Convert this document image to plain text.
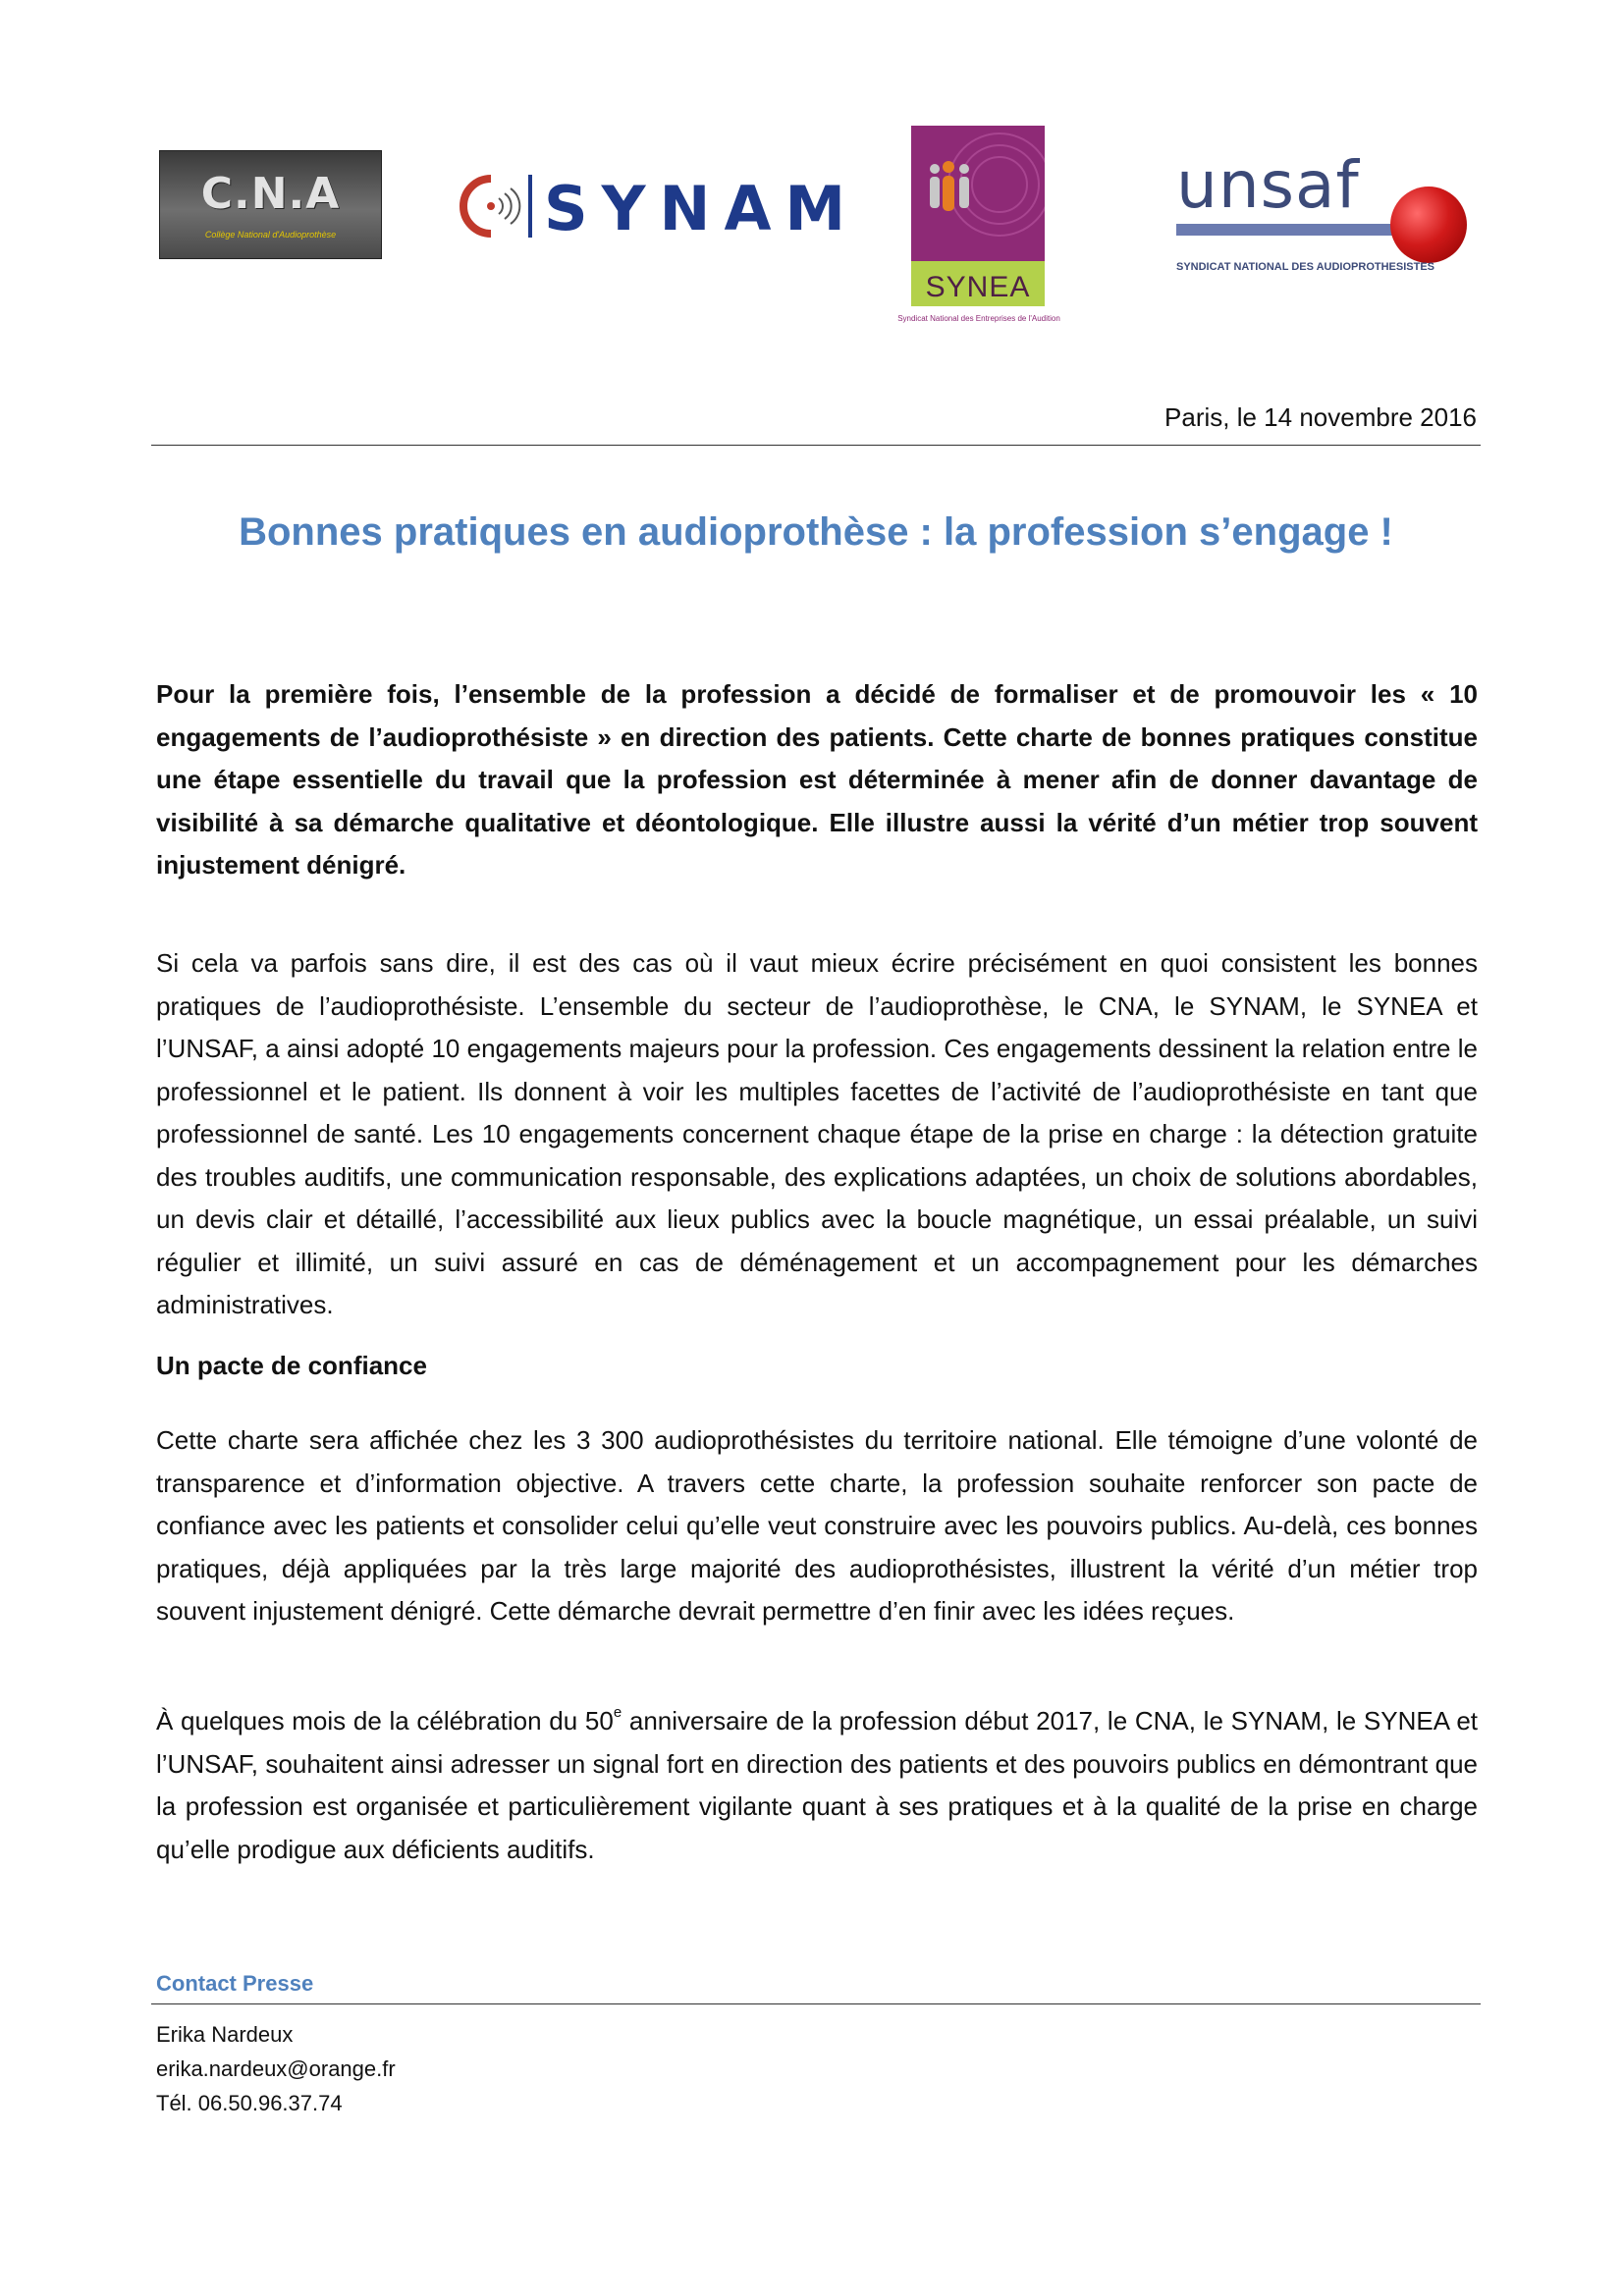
C.N.A
Collège National d'Audioprothèse	SYNAM
SYNEA
Syndicat National des Entreprises de l'Audition
unsaf
SYNDICAT NATIONAL DES AUDIOPROTHESISTES
Paris, le 14 novembre 2016
Bonnes pratiques en audioprothèse : la profession s’engage !
Pour la première fois, l’ensemble de la profession a décidé de formaliser et de promouvoir les « 10 engagements de l’audioprothésiste » en direction des patients. Cette charte de bonnes pratiques constitue une étape essentielle du travail que la profession est déterminée à mener afin de donner davantage de visibilité à sa démarche qualitative et déontologique. Elle illustre aussi la vérité d’un métier trop souvent injustement dénigré.
Si cela va parfois sans dire, il est des cas où il vaut mieux écrire précisément en quoi consistent les bonnes pratiques de l’audioprothésiste. L’ensemble du secteur de l’audioprothèse, le CNA, le SYNAM, le SYNEA et l’UNSAF, a ainsi adopté 10 engagements majeurs pour la profession. Ces engagements dessinent la relation entre le professionnel et le patient. Ils donnent à voir les multiples facettes de l’activité de l’audioprothésiste en tant que professionnel de santé. Les 10 engagements concernent chaque étape de la prise en charge : la détection gratuite des troubles auditifs, une communication responsable, des explications adaptées, un choix de solutions abordables, un devis clair et détaillé, l’accessibilité aux lieux publics avec la boucle magnétique, un essai préalable, un suivi régulier et illimité, un suivi assuré en cas de déménagement et un accompagnement pour les démarches administratives.
Un pacte de confiance
Cette charte sera affichée chez les 3 300 audioprothésistes du territoire national. Elle témoigne d’une volonté de transparence et d’information objective. A travers cette charte, la profession souhaite renforcer son pacte de confiance avec les patients et consolider celui qu’elle veut construire avec les pouvoirs publics. Au-delà, ces bonnes pratiques, déjà appliquées par la très large majorité des audioprothésistes, illustrent la vérité d’un métier trop souvent injustement dénigré. Cette démarche devrait permettre d’en finir avec les idées reçues.
À quelques mois de la célébration du 50e anniversaire de la profession début 2017, le CNA, le SYNAM, le SYNEA et l’UNSAF, souhaitent ainsi adresser un signal fort en direction des patients et des pouvoirs publics en démontrant que la profession est organisée et particulièrement vigilante quant à ses pratiques et à la qualité de la prise en charge qu’elle prodigue aux déficients auditifs.
Contact Presse
Erika Nardeux
erika.nardeux@orange.fr
Tél. 06.50.96.37.74
